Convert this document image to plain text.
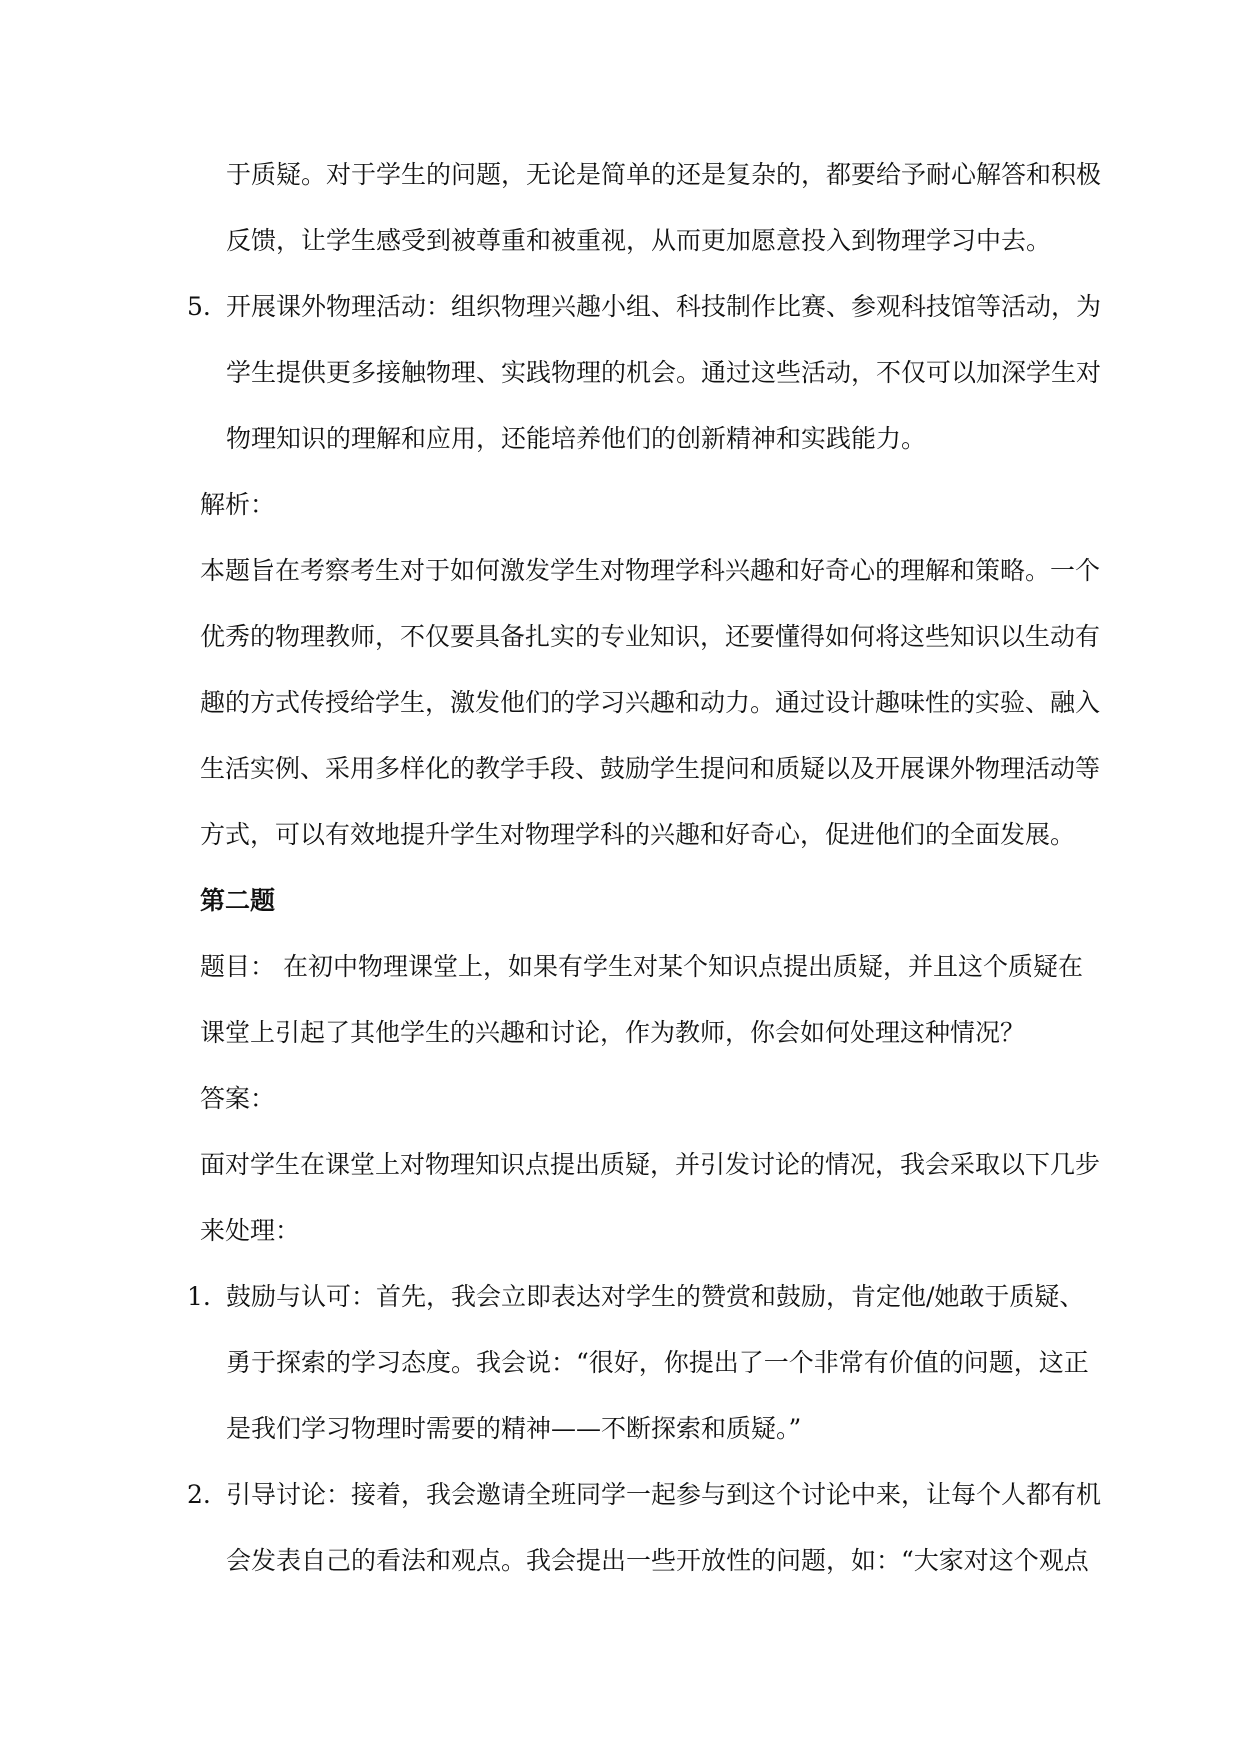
于质疑。对于学生的问题，无论是简单的还是复杂的，都要给予耐心解答和积极
反馈，让学生感受到被尊重和被重视，从而更加愿意投入到物理学习中去。
5. 开展课外物理活动：组织物理兴趣小组、科技制作比赛、参观科技馆等活动，为
学生提供更多接触物理、实践物理的机会。通过这些活动，不仅可以加深学生对
物理知识的理解和应用，还能培养他们的创新精神和实践能力。
解析：
本题旨在考察考生对于如何激发学生对物理学科兴趣和好奇心的理解和策略。一个
优秀的物理教师，不仅要具备扎实的专业知识，还要懂得如何将这些知识以生动有
趣的方式传授给学生，激发他们的学习兴趣和动力。通过设计趣味性的实验、融入
生活实例、采用多样化的教学手段、鼓励学生提问和质疑以及开展课外物理活动等
方式，可以有效地提升学生对物理学科的兴趣和好奇心，促进他们的全面发展。
第二题
题目： 在初中物理课堂上，如果有学生对某个知识点提出质疑，并且这个质疑在
课堂上引起了其他学生的兴趣和讨论，作为教师，你会如何处理这种情况？
答案：
面对学生在课堂上对物理知识点提出质疑，并引发讨论的情况，我会采取以下几步
来处理：
1. 鼓励与认可：首先，我会立即表达对学生的赞赏和鼓励，肯定他/她敢于质疑、
勇于探索的学习态度。我会说：“很好，你提出了一个非常有价值的问题，这正
是我们学习物理时需要的精神——不断探索和质疑。”
2. 引导讨论：接着，我会邀请全班同学一起参与到这个讨论中来，让每个人都有机
会发表自己的看法和观点。我会提出一些开放性的问题，如：“大家对这个观点
